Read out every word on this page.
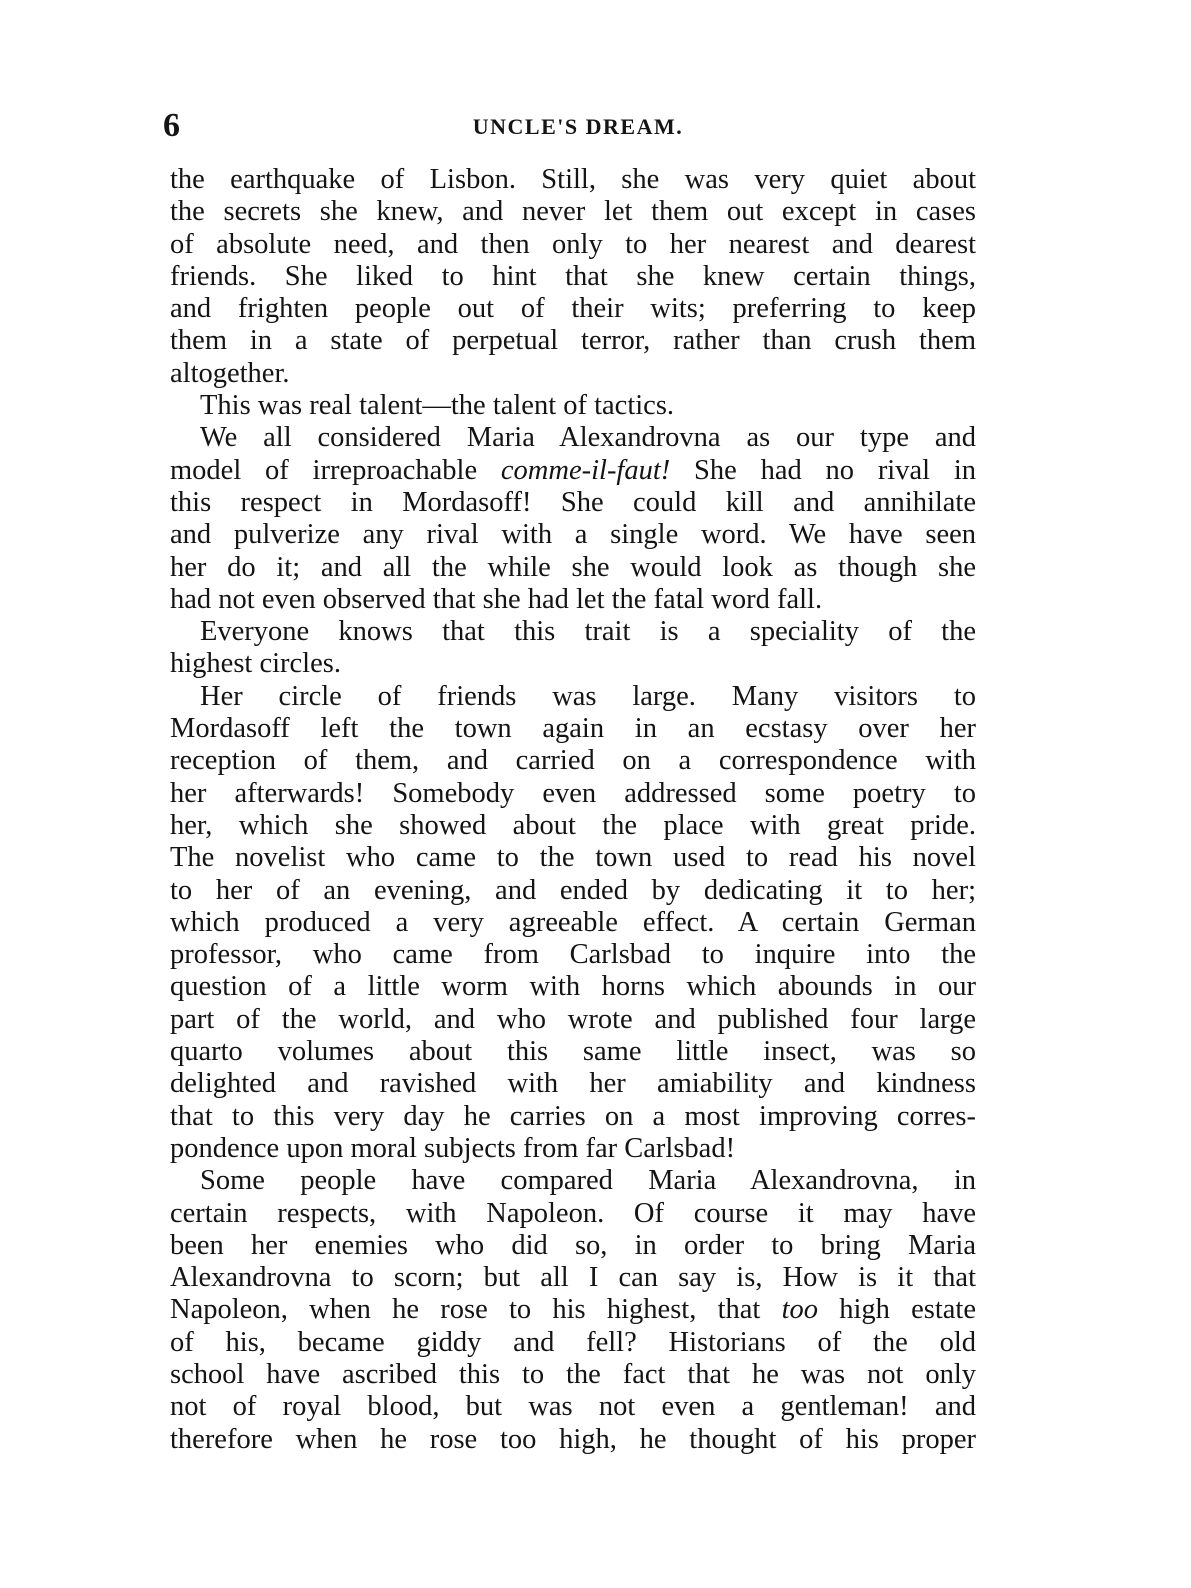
6	UNCLE'S DREAM.
the earthquake of Lisbon. Still, she was very quiet about
the secrets she knew, and never let them out except in cases
of absolute need, and then only to her nearest and dearest
friends. She liked to hint that she knew certain things,
and frighten people out of their wits; preferring to keep
them in a state of perpetual terror, rather than crush them
altogether.
This was real talent—the talent of tactics.
We all considered Maria Alexandrovna as our type and
model of irreproachable comme-il-faut! She had no rival in
this respect in Mordasoff! She could kill and annihilate
and pulverize any rival with a single word. We have seen
her do it; and all the while she would look as though she
had not even observed that she had let the fatal word fall.
Everyone knows that this trait is a speciality of the
highest circles.
Her circle of friends was large. Many visitors to
Mordasoff left the town again in an ecstasy over her
reception of them, and carried on a correspondence with
her afterwards! Somebody even addressed some poetry to
her, which she showed about the place with great pride.
The novelist who came to the town used to read his novel
to her of an evening, and ended by dedicating it to her;
which produced a very agreeable effect. A certain German
professor, who came from Carlsbad to inquire into the
question of a little worm with horns which abounds in our
part of the world, and who wrote and published four large
quarto volumes about this same little insect, was so
delighted and ravished with her amiability and kindness
that to this very day he carries on a most improving corres-
pondence upon moral subjects from far Carlsbad!
Some people have compared Maria Alexandrovna, in
certain respects, with Napoleon. Of course it may have
been her enemies who did so, in order to bring Maria
Alexandrovna to scorn; but all I can say is, How is it that
Napoleon, when he rose to his highest, that too high estate
of his, became giddy and fell? Historians of the old
school have ascribed this to the fact that he was not only
not of royal blood, but was not even a gentleman! and
therefore when he rose too high, he thought of his proper
